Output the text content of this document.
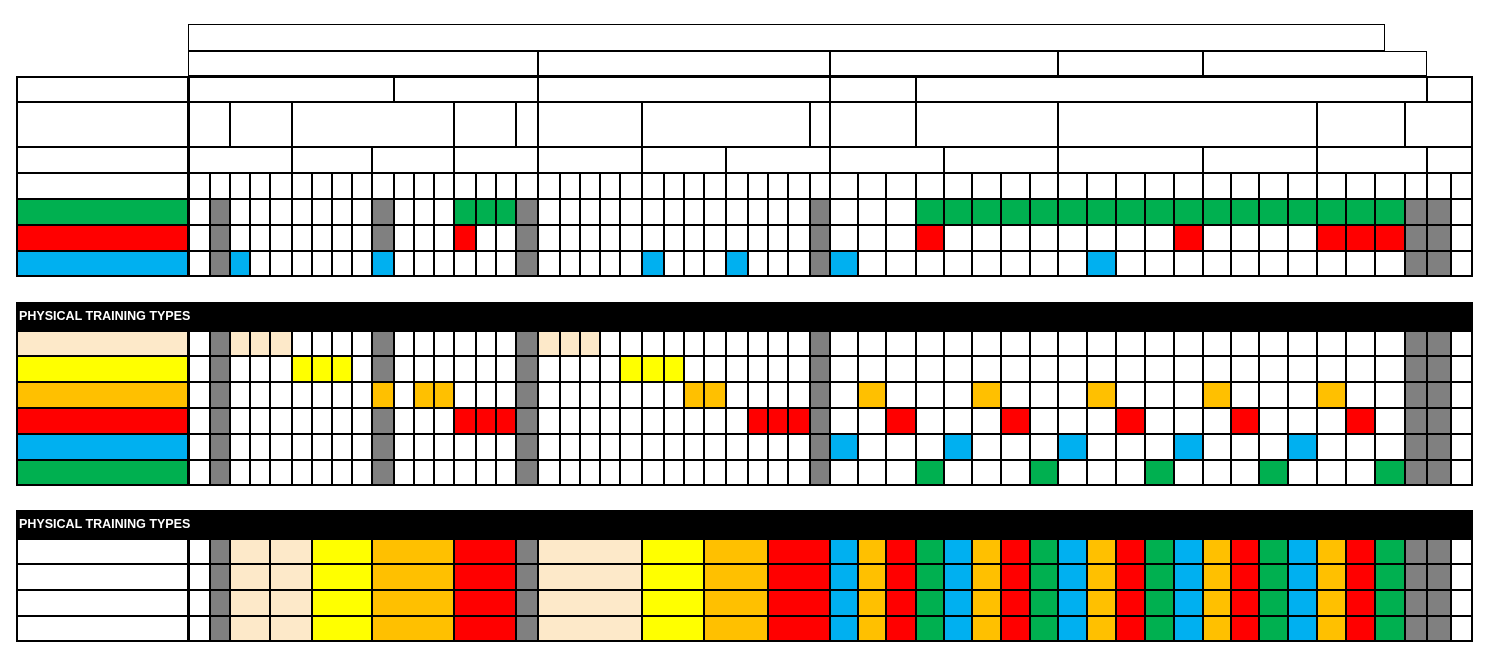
PHYSICAL TRAINING TYPES
PHYSICAL TRAINING TYPES
